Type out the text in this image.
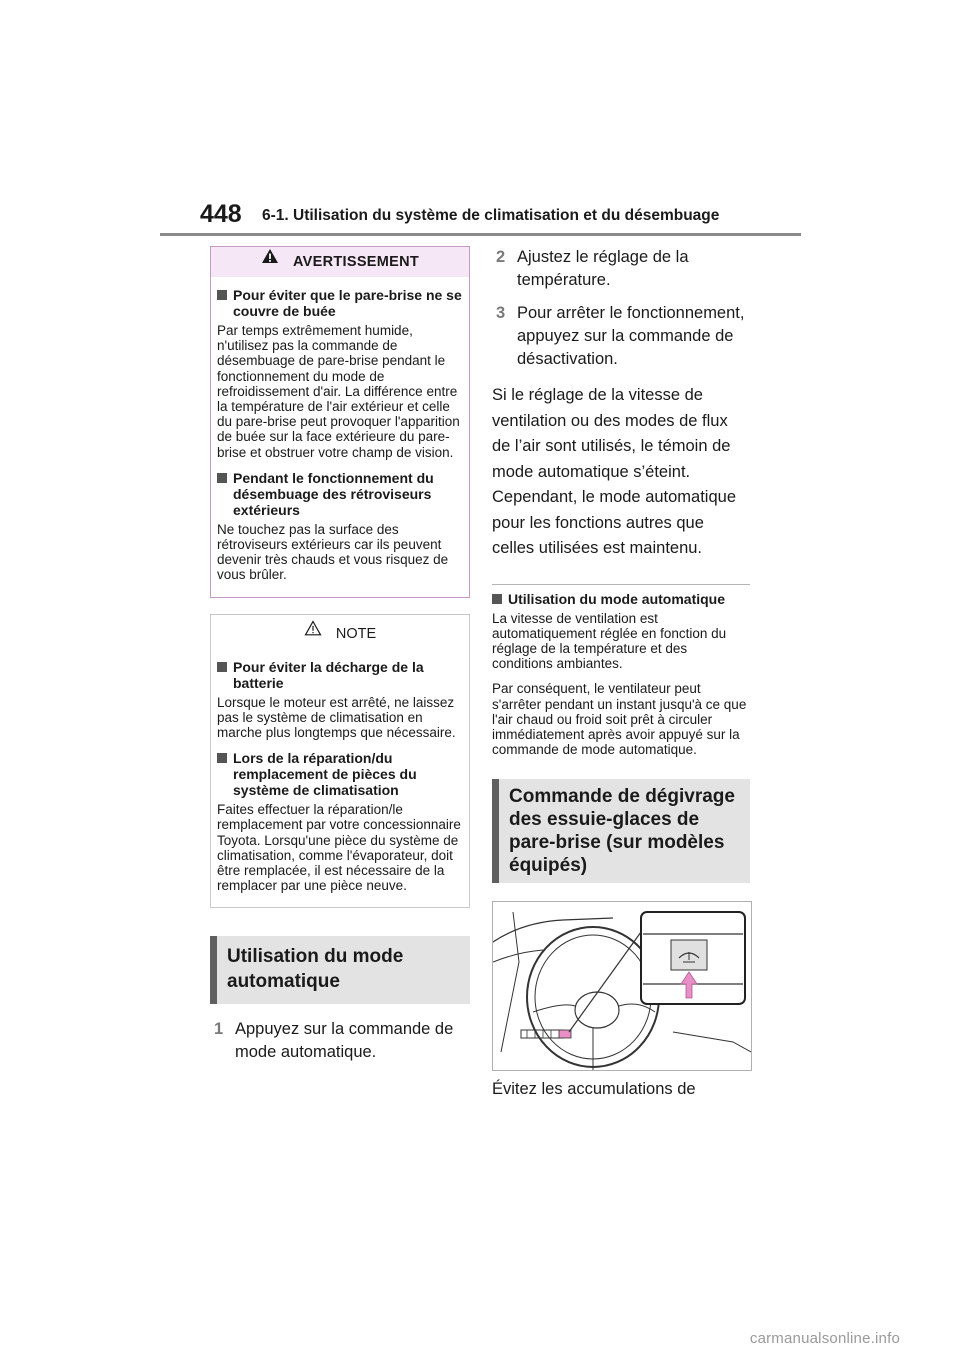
448 6-1. Utilisation du système de climatisation et du désembuage
AVERTISSEMENT
Pour éviter que le pare-brise ne se couvre de buée
Par temps extrêmement humide, n'utilisez pas la commande de désembuage de pare-brise pendant le fonctionnement du mode de refroidissement d'air. La différence entre la température de l'air extérieur et celle du pare-brise peut provoquer l'apparition de buée sur la face extérieure du pare-brise et obstruer votre champ de vision.
Pendant le fonctionnement du désembuage des rétroviseurs extérieurs
Ne touchez pas la surface des rétroviseurs extérieurs car ils peuvent devenir très chauds et vous risquez de vous brûler.
NOTE
Pour éviter la décharge de la batterie
Lorsque le moteur est arrêté, ne laissez pas le système de climatisation en marche plus longtemps que nécessaire.
Lors de la réparation/du remplacement de pièces du système de climatisation
Faites effectuer la réparation/le remplacement par votre concessionnaire Toyota. Lorsqu'une pièce du système de climatisation, comme l'évaporateur, doit être remplacée, il est nécessaire de la remplacer par une pièce neuve.
Utilisation du mode automatique
1 Appuyez sur la commande de mode automatique.
2 Ajustez le réglage de la température.
3 Pour arrêter le fonctionnement, appuyez sur la commande de désactivation.
Si le réglage de la vitesse de ventilation ou des modes de flux de l’air sont utilisés, le témoin de mode automatique s’éteint. Cependant, le mode automatique pour les fonctions autres que celles utilisées est maintenu.
Utilisation du mode automatique
La vitesse de ventilation est automatiquement réglée en fonction du réglage de la température et des conditions ambiantes.
Par conséquent, le ventilateur peut s'arrêter pendant un instant jusqu'à ce que l'air chaud ou froid soit prêt à circuler immédiatement après avoir appuyé sur la commande de mode automatique.
Commande de dégivrage des essuie-glaces de pare-brise (sur modèles équipés)
Évitez les accumulations de
carmanualsonline.info
